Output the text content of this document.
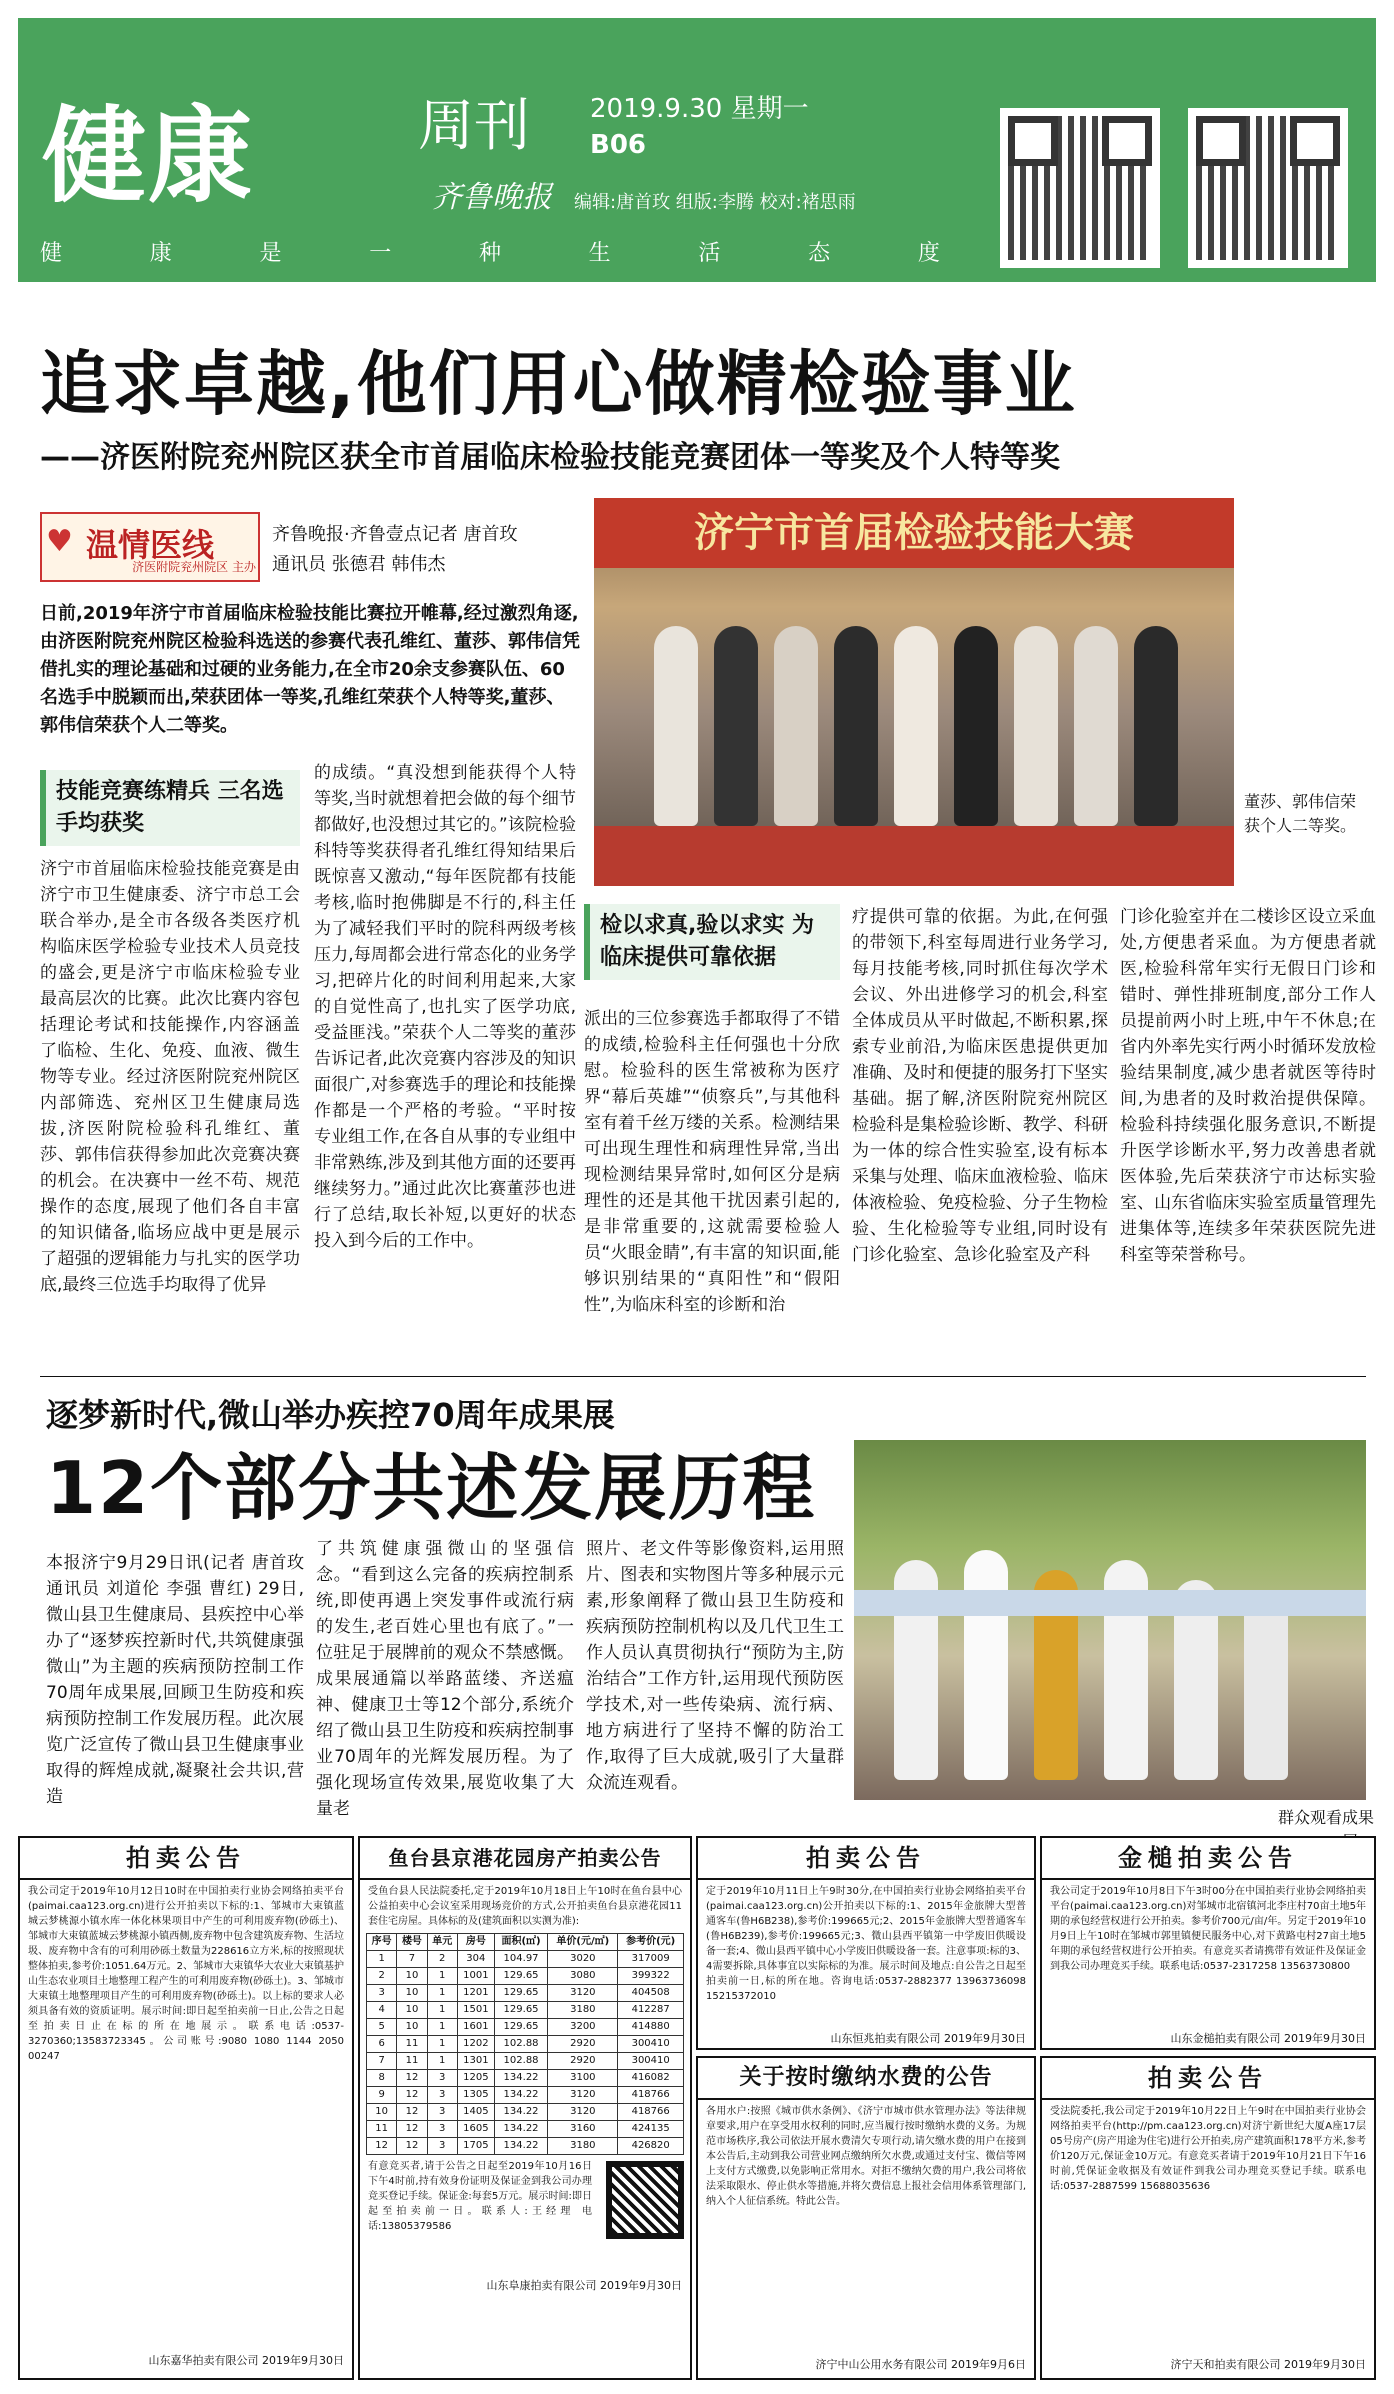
健康	周刊 2019.9.30 星期一
B06
齐鲁晚报 编辑:唐首玫 组版:李腾 校对:褚思雨
健	康	是	一	种	生	活	态	度
追求卓越,他们用心做精检验事业
——济医附院兖州院区获全市首届临床检验技能竞赛团体一等奖及个人特等奖
♥ 温情医线
济医附院兖州院区 主办
齐鲁晚报·齐鲁壹点记者 唐首玫
通讯员 张德君 韩伟杰
日前,2019年济宁市首届临床检验技能比赛拉开帷幕,经过激烈角逐,由济医附院兖州院区检验科选送的参赛代表孔维红、董莎、郭伟信凭借扎实的理论基础和过硬的业务能力,在全市20余支参赛队伍、60名选手中脱颖而出,荣获团体一等奖,孔维红荣获个人特等奖,董莎、郭伟信荣获个人二等奖。
济宁市首届检验技能大赛
董莎、郭伟信荣获个人二等奖。
技能竞赛练精兵 三名选手均获奖
济宁市首届临床检验技能竞赛是由济宁市卫生健康委、济宁市总工会联合举办,是全市各级各类医疗机构临床医学检验专业技术人员竞技的盛会,更是济宁市临床检验专业最高层次的比赛。此次比赛内容包括理论考试和技能操作,内容涵盖了临检、生化、免疫、血液、微生物等专业。经过济医附院兖州院区内部筛选、兖州区卫生健康局选拔,济医附院检验科孔维红、董莎、郭伟信获得参加此次竞赛决赛的机会。在决赛中一丝不苟、规范操作的态度,展现了他们各自丰富的知识储备,临场应战中更是展示了超强的逻辑能力与扎实的医学功底,最终三位选手均取得了优异
的成绩。“真没想到能获得个人特等奖,当时就想着把会做的每个细节都做好,也没想过其它的。”该院检验科特等奖获得者孔维红得知结果后既惊喜又激动,“每年医院都有技能考核,临时抱佛脚是不行的,科主任为了减轻我们平时的院科两级考核压力,每周都会进行常态化的业务学习,把碎片化的时间利用起来,大家的自觉性高了,也扎实了医学功底,受益匪浅。”荣获个人二等奖的董莎告诉记者,此次竞赛内容涉及的知识面很广,对参赛选手的理论和技能操作都是一个严格的考验。“平时按专业组工作,在各自从事的专业组中非常熟练,涉及到其他方面的还要再继续努力。”通过此次比赛董莎也进行了总结,取长补短,以更好的状态投入到今后的工作中。
检以求真,验以求实 为临床提供可靠依据
派出的三位参赛选手都取得了不错的成绩,检验科主任何强也十分欣慰。检验科的医生常被称为医疗界“幕后英雄”“侦察兵”,与其他科室有着千丝万缕的关系。检测结果可出现生理性和病理性异常,当出现检测结果异常时,如何区分是病理性的还是其他干扰因素引起的,是非常重要的,这就需要检验人员“火眼金睛”,有丰富的知识面,能够识别结果的“真阳性”和“假阳性”,为临床科室的诊断和治
疗提供可靠的依据。为此,在何强的带领下,科室每周进行业务学习,每月技能考核,同时抓住每次学术会议、外出进修学习的机会,科室全体成员从平时做起,不断积累,探索专业前沿,为临床医患提供更加准确、及时和便捷的服务打下坚实基础。据了解,济医附院兖州院区检验科是集检验诊断、教学、科研为一体的综合性实验室,设有标本采集与处理、临床血液检验、临床体液检验、免疫检验、分子生物检验、生化检验等专业组,同时设有门诊化验室、急诊化验室及产科
门诊化验室并在二楼诊区设立采血处,方便患者采血。为方便患者就医,检验科常年实行无假日门诊和错时、弹性排班制度,部分工作人员提前两小时上班,中午不休息;在省内外率先实行两小时循环发放检验结果制度,减少患者就医等待时间,为患者的及时救治提供保障。检验科持续强化服务意识,不断提升医学诊断水平,努力改善患者就医体验,先后荣获济宁市达标实验室、山东省临床实验室质量管理先进集体等,连续多年荣获医院先进科室等荣誉称号。
逐梦新时代,微山举办疾控70周年成果展
12个部分共述发展历程
本报济宁9月29日讯(记者 唐首玫 通讯员 刘道伦 李强 曹红) 29日,微山县卫生健康局、县疾控中心举办了“逐梦疾控新时代,共筑健康强微山”为主题的疾病预防控制工作70周年成果展,回顾卫生防疫和疾病预防控制工作发展历程。此次展览广泛宣传了微山县卫生健康事业取得的辉煌成就,凝聚社会共识,营造
了共筑健康强微山的坚强信念。“看到这么完备的疾病控制系统,即使再遇上突发事件或流行病的发生,老百姓心里也有底了。”一位驻足于展牌前的观众不禁感慨。成果展通篇以举路蓝缕、齐送瘟神、健康卫士等12个部分,系统介绍了微山县卫生防疫和疾病控制事业70周年的光辉发展历程。为了强化现场宣传效果,展览收集了大量老
照片、老文件等影像资料,运用照片、图表和实物图片等多种展示元素,形象阐释了微山县卫生防疫和疾病预防控制机构以及几代卫生工作人员认真贯彻执行“预防为主,防治结合”工作方针,运用现代预防医学技术,对一些传染病、流行病、地方病进行了坚持不懈的防治工作,取得了巨大成就,吸引了大量群众流连观看。
群众观看成果
拍卖公告
我公司定于2019年10月12日10时在中国拍卖行业协会网络拍卖平台(paimai.caa123.org.cn)进行公开拍卖以下标的:1、邹城市大束镇蓝城云梦桃源小镇水库一体化林果项目中产生的可利用废弃物(砂砾土)、邹城市大束镇蓝城云梦桃源小镇西侧,废弃物中包含建筑废弃物、生活垃圾、废弃物中含有的可利用砂砾土数量为228616立方米,标的按照现状整体拍卖,参考价:1051.64万元。2、邹城市大束镇华大农业大束镇基护山生态农业项目土地整理工程产生的可利用废弃物(砂砾土)。3、邹城市大束镇土地整理项目产生的可利用废弃物(砂砾土)。以上标的要求人必须具备有效的资质证明。展示时间:即日起至拍卖前一日止,公告之日起至拍卖日止在标的所在地展示。联系电话:0537-3270360;13583723345。公司账号:9080 1080 1144 2050 00247
山东嘉华拍卖有限公司 2019年9月30日
鱼台县京港花园房产拍卖公告
受鱼台县人民法院委托,定于2019年10月18日上午10时在鱼台县中心公益拍卖中心会议室采用现场竞价的方式,公开拍卖鱼台县京港花园11套住宅房屋。具体标的及(建筑面积以实测为准):
序号	楼号	单元	房号	面积(㎡)	单价(元/㎡)	参考价(元)
1	7	2	304	104.97	3020	317009
2	10	1	1001	129.65	3080	399322
3	10	1	1201	129.65	3120	404508
4	10	1	1501	129.65	3180	412287
5	10	1	1601	129.65	3200	414880
6	11	1	1202	102.88	2920	300410
7	11	1	1301	102.88	2920	300410
8	12	3	1205	134.22	3100	416082
9	12	3	1305	134.22	3120	418766
10	12	3	1405	134.22	3120	418766
11	12	3	1605	134.22	3160	424135
12	12	3	1705	134.22	3180	426820
有意竞买者,请于公告之日起至2019年10月16日下午4时前,持有效身份证明及保证金到我公司办理竞买登记手续。保证金:每套5万元。展示时间:即日起至拍卖前一日。联系人:王经理 电话:13805379586
山东阜康拍卖有限公司 2019年9月30日
拍卖公告
定于2019年10月11日上午9时30分,在中国拍卖行业协会网络拍卖平台(paimai.caa123.org.cn)公开拍卖以下标的:1、2015年金旅牌大型普通客车(鲁H6B238),参考价:199665元;2、2015年金旅牌大型普通客车(鲁H6B239),参考价:199665元;3、微山县西平镇第一中学废旧供暖设备一套;4、微山县西平镇中心小学废旧供暖设备一套。注意事项:标的3、4需要拆除,具体事宜以实际标的为准。展示时间及地点:自公告之日起至拍卖前一日,标的所在地。咨询电话:0537-2882377 13963736098 15215372010
山东恒兆拍卖有限公司 2019年9月30日
关于按时缴纳水费的公告
各用水户:按照《城市供水条例》、《济宁市城市供水管理办法》等法律规章要求,用户在享受用水权利的同时,应当履行按时缴纳水费的义务。为规范市场秩序,我公司依法开展水费清欠专项行动,请欠缴水费的用户在接到本公告后,主动到我公司营业网点缴纳所欠水费,或通过支付宝、微信等网上支付方式缴费,以免影响正常用水。对拒不缴纳欠费的用户,我公司将依法采取限水、停止供水等措施,并将欠费信息上报社会信用体系管理部门,纳入个人征信系统。特此公告。
济宁中山公用水务有限公司 2019年9月6日
金槌拍卖公告
我公司定于2019年10月8日下午3时00分在中国拍卖行业协会网络拍卖平台(paimai.caa123.org.cn)对邹城市北宿镇河北李庄村70亩土地5年期的承包经营权进行公开拍卖。参考价700元/亩/年。另定于2019年10月9日上午10时在邹城市郭里镇便民服务中心,对下黄路屯村27亩土地5年期的承包经营权进行公开拍卖。有意竞买者请携带有效证件及保证金到我公司办理竞买手续。联系电话:0537-2317258 13563730800
山东金槌拍卖有限公司 2019年9月30日
拍卖公告
受法院委托,我公司定于2019年10月22日上午9时在中国拍卖行业协会网络拍卖平台(http://pm.caa123.org.cn)对济宁新世纪大厦A座17层05号房产(房产用途为住宅)进行公开拍卖,房产建筑面积178平方米,参考价120万元,保证金10万元。有意竞买者请于2019年10月21日下午16时前,凭保证金收据及有效证件到我公司办理竞买登记手续。联系电话:0537-2887599 15688035636
济宁天和拍卖有限公司 2019年9月30日
